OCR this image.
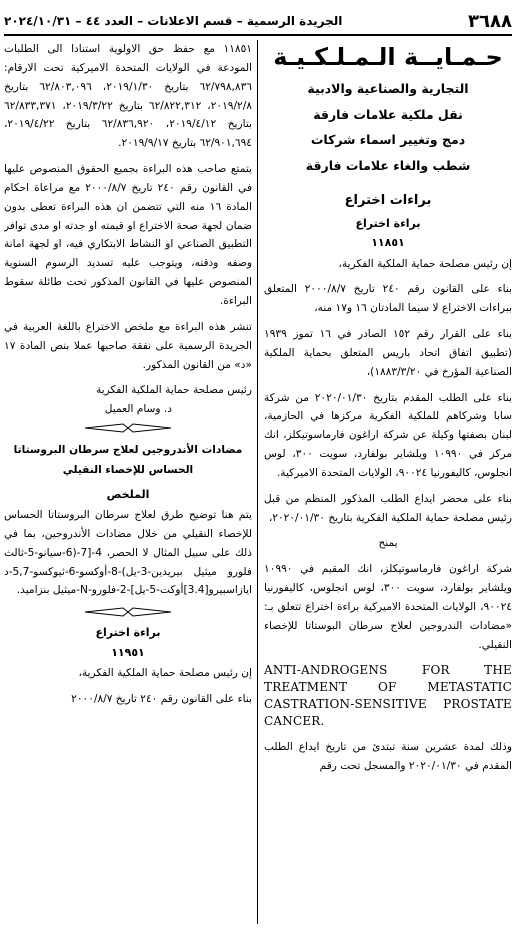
٣٦٨٨
الجريدة الرسمية – قسم الاعلانات – العدد ٤٤ – ٢٠٢٤/١٠/٣١
حـمـايــة الـمـلـكـيـة
التجارية والصناعية والادبية
نقل ملكية علامات فارقة
دمج وتغيير اسماء شركات
شطب والغاء علامات فارقة
براءات اختراع
براءة اختراع
١١٨٥١

إن رئيس مصلحة حماية الملكية الفكرية،

بناء على القانون رقم ٢٤٠ تاريخ ٢٠٠٠/٨/٧ المتعلق ببراءات الاختراع لا سيما المادتان ١٦ و١٧ منه،

بناء على القرار رقم ١٥٢ الصادر في ١٦ تموز ١٩٣٩ (تطبيق اتفاق اتحاد باريس المتعلق بحماية الملكية الصناعية المؤرخ في ١٨٨٣/٣/٢٠)،

بناء على الطلب المقدم بتاريخ ٢٠٢٠/٠١/٣٠ من شركة سابا وشركاهم للملكية الفكرية مركزها في الحازمية، لبنان بصفتها وكيلة عن شركة اراغون فارماسوتيكلز، انك مركز في ١٠٩٩٠ ويلشاير بولفارد، سويت ٣٠٠، لوس انجلوس، كاليفورنيا ٩٠٠٢٤، الولايات المتحدة الاميركية.

بناء على محضر ايداع الطلب المذكور المنظم من قبل رئيس مصلحة حماية الملكية الفكرية بتاريخ ٢٠٢٠/٠١/٣٠،

يمنح

شركة اراغون فارماسوتيكلز، انك المقيم في ١٠٩٩٠ ويلشاير بولفارد، سويت ٣٠٠، لوس انجلوس، كاليفورنيا ٩٠٠٢٤، الولايات المتحدة الاميركية براءة اختراع تتعلق بـ: «مضادات الندروجين لعلاج سرطان البوستاتا للإخصاء النقيلي.

ANTI-ANDROGENS FOR THE TREATMENT OF METASTATIC CASTRATION-SENSITIVE PROSTATE CANCER.

وذلك لمدة عشرين سنة تبتدئ من تاريخ ايداع الطلب المقدم في ٢٠٢٠/٠١/٣٠ والمسجل تحت رقم

١١٨٥١ مع حفظ حق الاولوية استنادا الى الطلبات المودعة في الولايات المتحدة الاميركية تحت الارقام: ٦٢/٧٩٨,٨٣٦ بتاريخ ٢٠١٩/١/٣٠، ٦٢/٨٠٣,٠٩٦ بتاريخ ٢٠١٩/٢/٨، ٦٢/٨٢٢,٣١٢ بتاريخ ٢٠١٩/٣/٢٢، ٦٢/٨٣٣,٣٧١ بتاريخ ٢٠١٩/٤/١٢، ٦٢/٨٣٦,٩٢٠ بتاريخ ٢٠١٩/٤/٢٢، ٦٢/٩٠١,٦٩٤ بتاريخ ٢٠١٩/٩/١٧.

يتمتع صاحب هذه البراءة بجميع الحقوق المنصوص عليها في القانون رقم ٢٤٠ تاريخ ٢٠٠٠/٨/٧ مع مراعاة احكام المادة ١٦ منه التي تتضمن ان هذه البراءة تعطى بدون ضمان لجهة صحة الاختراع او قيمته او جدته او مدى توافر التطبيق الصناعي او النشاط الابتكاري فيه، او لجهة امانة وصفه ودقته، ويتوجب عليه تسديد الرسوم السنوية المنصوص عليها في القانون المذكور تحت طائلة سقوط البراءة.

تنشر هذه البراءة مع ملخص الاختراع باللغة العربية في الجريدة الرسمية على نفقة صاحبها عملا بنص المادة ١٧ «د» من القانون المذكور.

رئيس مصلحة حماية الملكية الفكرية

د. وسام العميل

مضادات الأندروجين لعلاج سرطان البروستاتا الحساس للإخصاء النقيلي

الملخص

يتم هنا توضيح طرق لعلاج سرطان البروستاتا الحساس للإخصاء النقيلي من خلال مضادات الأندروجين، بما في ذلك على سبيل المثال لا الحصر، 4-[7-(6-سيانو-5-ثالث فلورو ميثيل بيريدين-3-يل)-8-أوكسو-6-ثيوكسو-5,7-د ايازاسبيرو[3.4]أوكت-5-يل]-2-فلورو-N-ميثيل بنزاميد.

براءة اختراع
١١٩٥١

إن رئيس مصلحة حماية الملكية الفكرية،

بناء على القانون رقم ٢٤٠ تاريخ ٢٠٠٠/٨/٧
